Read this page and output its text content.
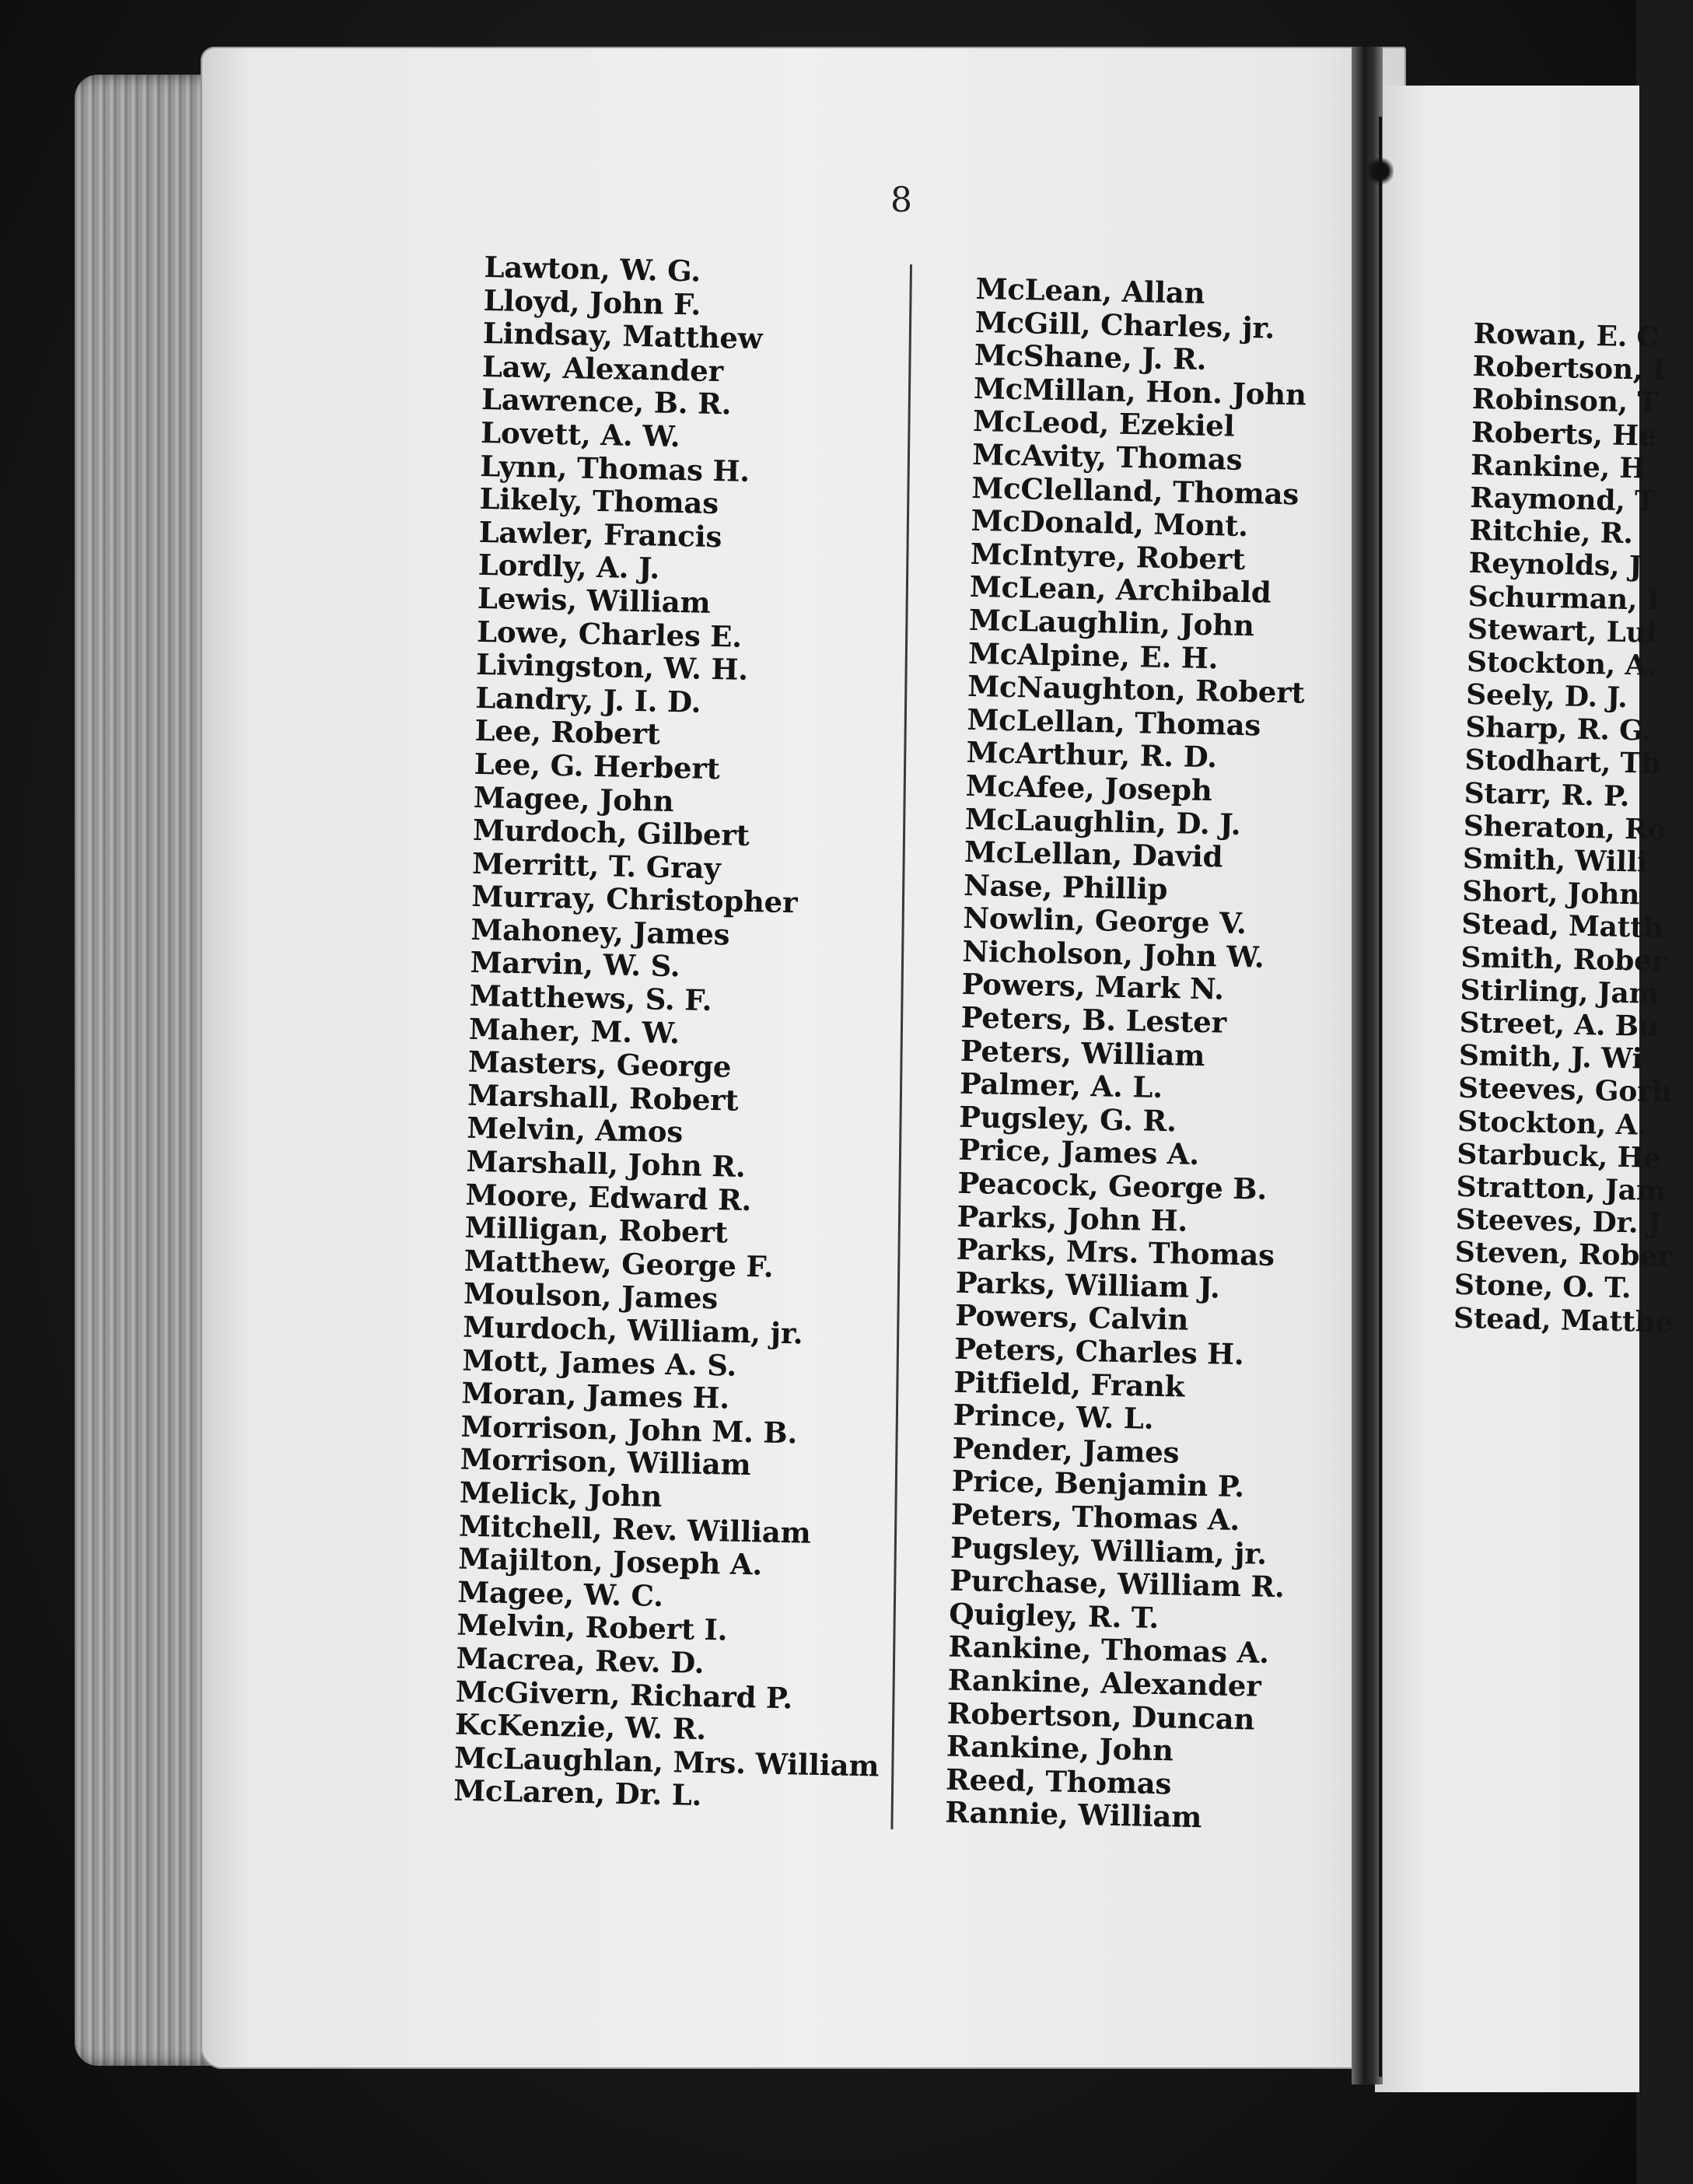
8
Lawton, W. G.
Lloyd, John F.
Lindsay, Matthew
Law, Alexander
Lawrence, B. R.
Lovett, A. W.
Lynn, Thomas H.
Likely, Thomas
Lawler, Francis
Lordly, A. J.
Lewis, William
Lowe, Charles E.
Livingston, W. H.
Landry, J. I. D.
Lee, Robert
Lee, G. Herbert
Magee, John
Murdoch, Gilbert
Merritt, T. Gray
Murray, Christopher
Mahoney, James
Marvin, W. S.
Matthews, S. F.
Maher, M. W.
Masters, George
Marshall, Robert
Melvin, Amos
Marshall, John R.
Moore, Edward R.
Milligan, Robert
Matthew, George F.
Moulson, James
Murdoch, William, jr.
Mott, James A. S.
Moran, James H.
Morrison, John M. B.
Morrison, William
Melick, John
Mitchell, Rev. William
Majilton, Joseph A.
Magee, W. C.
Melvin, Robert I.
Macrea, Rev. D.
McGivern, Richard P.
KcKenzie, W. R.
McLaughlan, Mrs. William
McLaren, Dr. L.
McLean, Allan
McGill, Charles, jr.
McShane, J. R.
McMillan, Hon. John
McLeod, Ezekiel
McAvity, Thomas
McClelland, Thomas
McDonald, Mont.
McIntyre, Robert
McLean, Archibald
McLaughlin, John
McAlpine, E. H.
McNaughton, Robert
McLellan, Thomas
McArthur, R. D.
McAfee, Joseph
McLaughlin, D. J.
McLellan, David
Nase, Phillip
Nowlin, George V.
Nicholson, John W.
Powers, Mark N.
Peters, B. Lester
Peters, William
Palmer, A. L.
Pugsley, G. R.
Price, James A.
Peacock, George B.
Parks, John H.
Parks, Mrs. Thomas
Parks, William J.
Powers, Calvin
Peters, Charles H.
Pitfield, Frank
Prince, W. L.
Pender, James
Price, Benjamin P.
Peters, Thomas A.
Pugsley, William, jr.
Purchase, William R.
Quigley, R. T.
Rankine, Thomas A.
Rankine, Alexander
Robertson, Duncan
Rankine, John
Reed, Thomas
Rannie, William
Rowan, E. C
Robertson, I
Robinson, T
Roberts, He
Rankine, H
Raymond, T
Ritchie, R.
Reynolds, J
Schurman, I
Stewart, Lul
Stockton, A.
Seely, D. J.
Sharp, R. G.
Stodhart, Th
Starr, R. P.
Sheraton, Ro
Smith, Willi
Short, John
Stead, Matth
Smith, Rober
Stirling, Jam
Street, A. Bu
Smith, J. Wi
Steeves, Gorh
Stockton, A.
Starbuck, He
Stratton, Jam
Steeves, Dr. J
Steven, Rober
Stone, O. T.
Stead, Matthe
